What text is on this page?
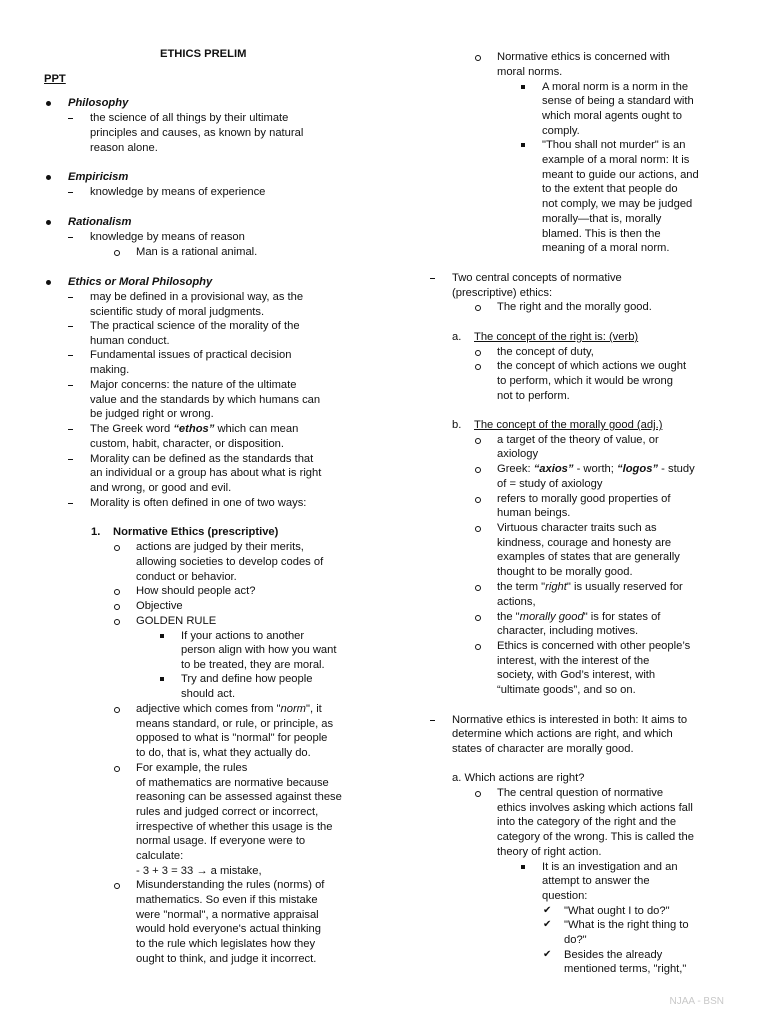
ETHICS PRELIM
PPT
Philosophy
the science of all things by their ultimate
principles and causes, as known by natural
reason alone.
Empiricism
knowledge by means of experience
Rationalism
knowledge by means of reason
Man is a rational animal.
Ethics or Moral Philosophy
may be defined in a provisional way, as the
scientific study of moral judgments.
The practical science of the morality of the
human conduct.
Fundamental issues of practical decision
making.
Major concerns: the nature of the ultimate
value and the standards by which humans can
be judged right or wrong.
The Greek word “ethos” which can mean
custom, habit, character, or disposition.
Morality can be defined as the standards that
an individual or a group has about what is right
and wrong, or good and evil.
Morality is often defined in one of two ways:
Normative Ethics (prescriptive)
1.
actions are judged by their merits,
allowing societies to develop codes of
conduct or behavior.
How should people act?
Objective
GOLDEN RULE
If your actions to another
person align with how you want
to be treated, they are moral.
Try and define how people
should act.
adjective which comes from "norm", it
means standard, or rule, or principle, as
opposed to what is "normal" for people
to do, that is, what they actually do.
For example, the rules
of mathematics are normative because
reasoning can be assessed against these
rules and judged correct or incorrect,
irrespective of whether this usage is the
normal usage. If everyone were to
calculate:
- 3 + 3 = 33 → a mistake,
Misunderstanding the rules (norms) of
mathematics. So even if this mistake
were "normal", a normative appraisal
would hold everyone's actual thinking
to the rule which legislates how they
ought to think, and judge it incorrect.
Normative ethics is concerned with
moral norms.
A moral norm is a norm in the
sense of being a standard with
which moral agents ought to
comply.
"Thou shall not murder" is an
example of a moral norm: It is
meant to guide our actions, and
to the extent that people do
not comply, we may be judged
morally—that is, morally
blamed. This is then the
meaning of a moral norm.
Two central concepts of normative
(prescriptive) ethics:
The right and the morally good.
The concept of the right is: (verb)
a.
the concept of duty,
the concept of which actions we ought
to perform, which it would be wrong
not to perform.
The concept of the morally good (adj.)
b.
a target of the theory of value, or
axiology
Greek: “axios” - worth; “logos” - study
of = study of axiology
refers to morally good properties of
human beings.
Virtuous character traits such as
kindness, courage and honesty are
examples of states that are generally
thought to be morally good.
the term "right" is usually reserved for
actions,
the "morally good" is for states of
character, including motives.
Ethics is concerned with other people’s
interest, with the interest of the
society, with God’s interest, with
“ultimate goods”, and so on.
Normative ethics is interested in both: It aims to
determine which actions are right, and which
states of character are morally good.
a. Which actions are right?
The central question of normative
ethics involves asking which actions fall
into the category of the right and the
category of the wrong. This is called the
theory of right action.
It is an investigation and an
attempt to answer the
question:
"What ought I to do?"
✔
"What is the right thing to
✔
do?"
Besides the already
✔
mentioned terms, "right,"
NJAA - BSN
